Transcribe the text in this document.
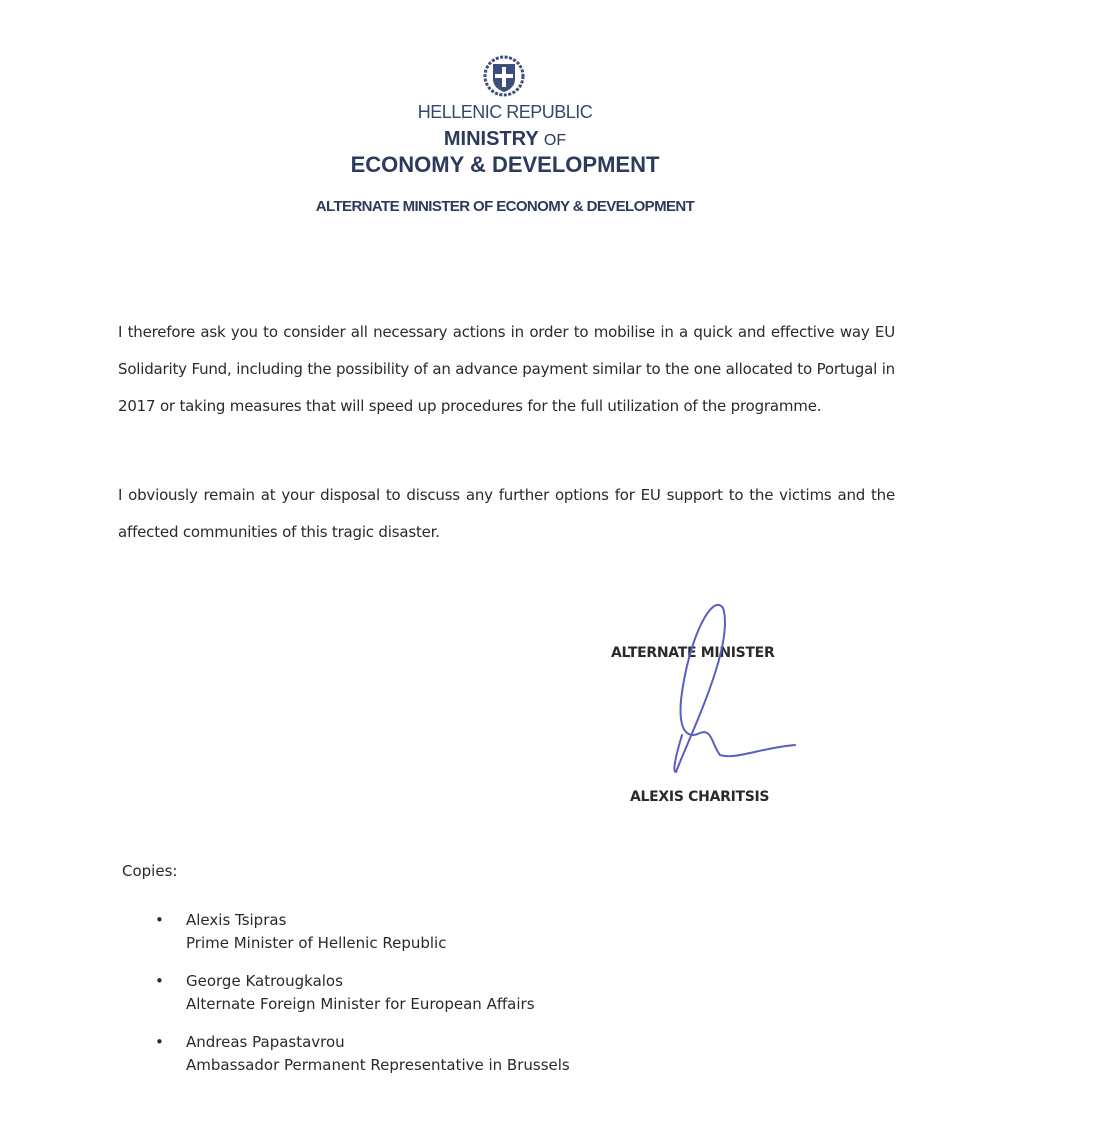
HELLENIC REPUBLIC
MINISTRY OF
ECONOMY & DEVELOPMENT
ALTERNATE MINISTER OF ECONOMY & DEVELOPMENT
I therefore ask you to consider all necessary actions in order to mobilise in a quick and effective way EU Solidarity Fund, including the possibility of an advance payment similar to the one allocated to Portugal in 2017 or taking measures that will speed up procedures for the full utilization of the programme.
I obviously remain at your disposal to discuss any further options for EU support to the victims and the affected communities of this tragic disaster.
ALTERNATE MINISTER
ALEXIS CHARITSIS
Copies:
• Alexis Tsipras
Prime Minister of Hellenic Republic
• George Katrougkalos
Alternate Foreign Minister for European Affairs
• Andreas Papastavrou
Ambassador Permanent Representative in Brussels
